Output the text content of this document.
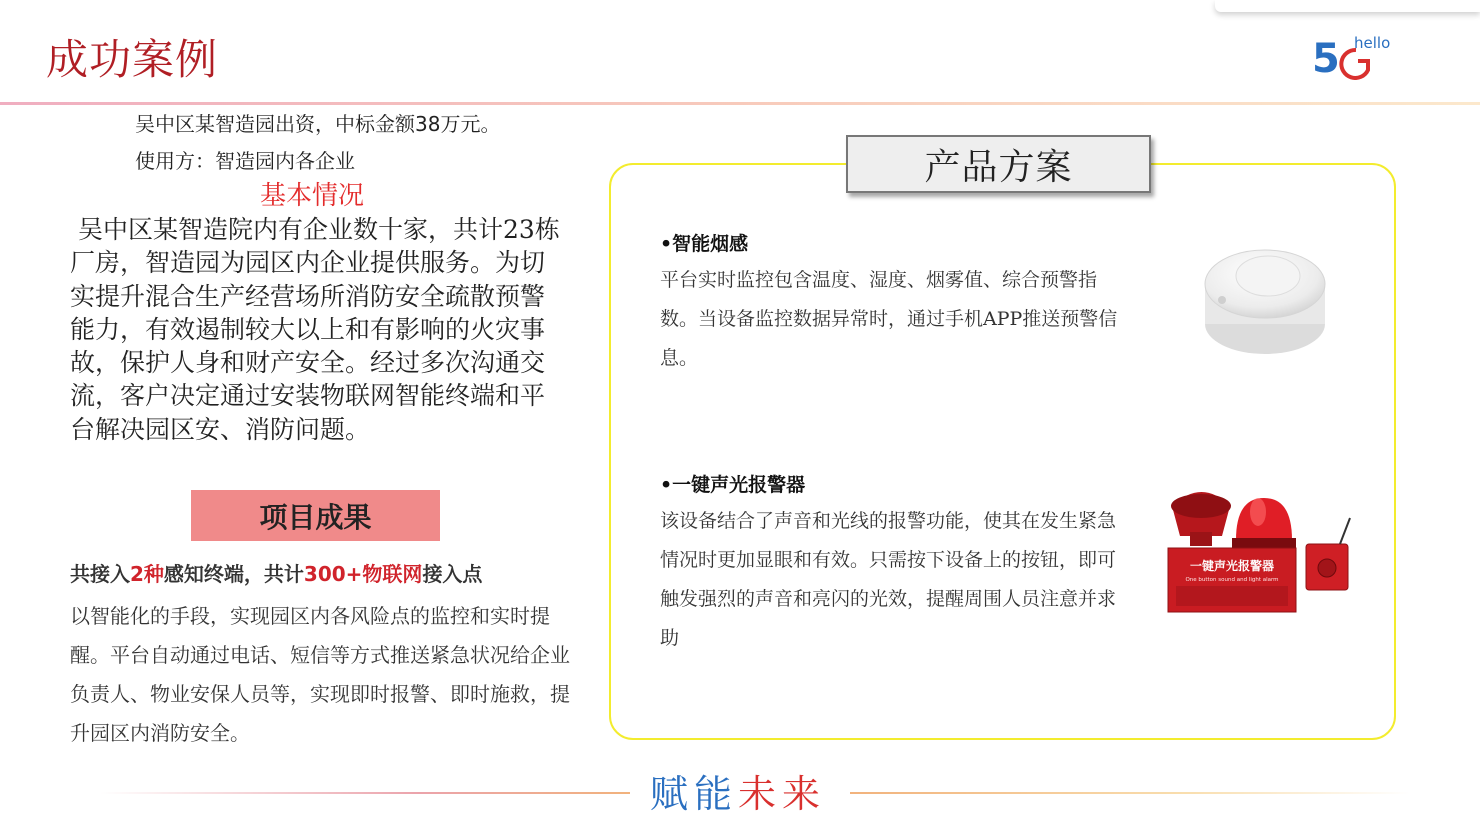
成功案例	5 hello
吴中区某智造园出资，中标金额38万元。
使用方：智造园内各企业
基本情况
吴中区某智造院内有企业数十家，共计23栋厂房，智造园为园区内企业提供服务。为切实提升混合生产经营场所消防安全疏散预警能力，有效遏制较大以上和有影响的火灾事故，保护人身和财产安全。经过多次沟通交流，客户决定通过安装物联网智能终端和平台解决园区安、消防问题。
项目成果
共接入2种感知终端，共计300+物联网接入点
以智能化的手段，实现园区内各风险点的监控和实时提醒。平台自动通过电话、短信等方式推送紧急状况给企业负责人、物业安保人员等，实现即时报警、即时施救，提升园区内消防安全。
产品方案
•智能烟感
平台实时监控包含温度、湿度、烟雾值、综合预警指数。当设备监控数据异常时，通过手机APP推送预警信息。
•一键声光报警器
该设备结合了声音和光线的报警功能，使其在发生紧急情况时更加显眼和有效。只需按下设备上的按钮，即可触发强烈的声音和亮闪的光效，提醒周围人员注意并求助
一键声光报警器
One button sound and light alarm
赋能未来
